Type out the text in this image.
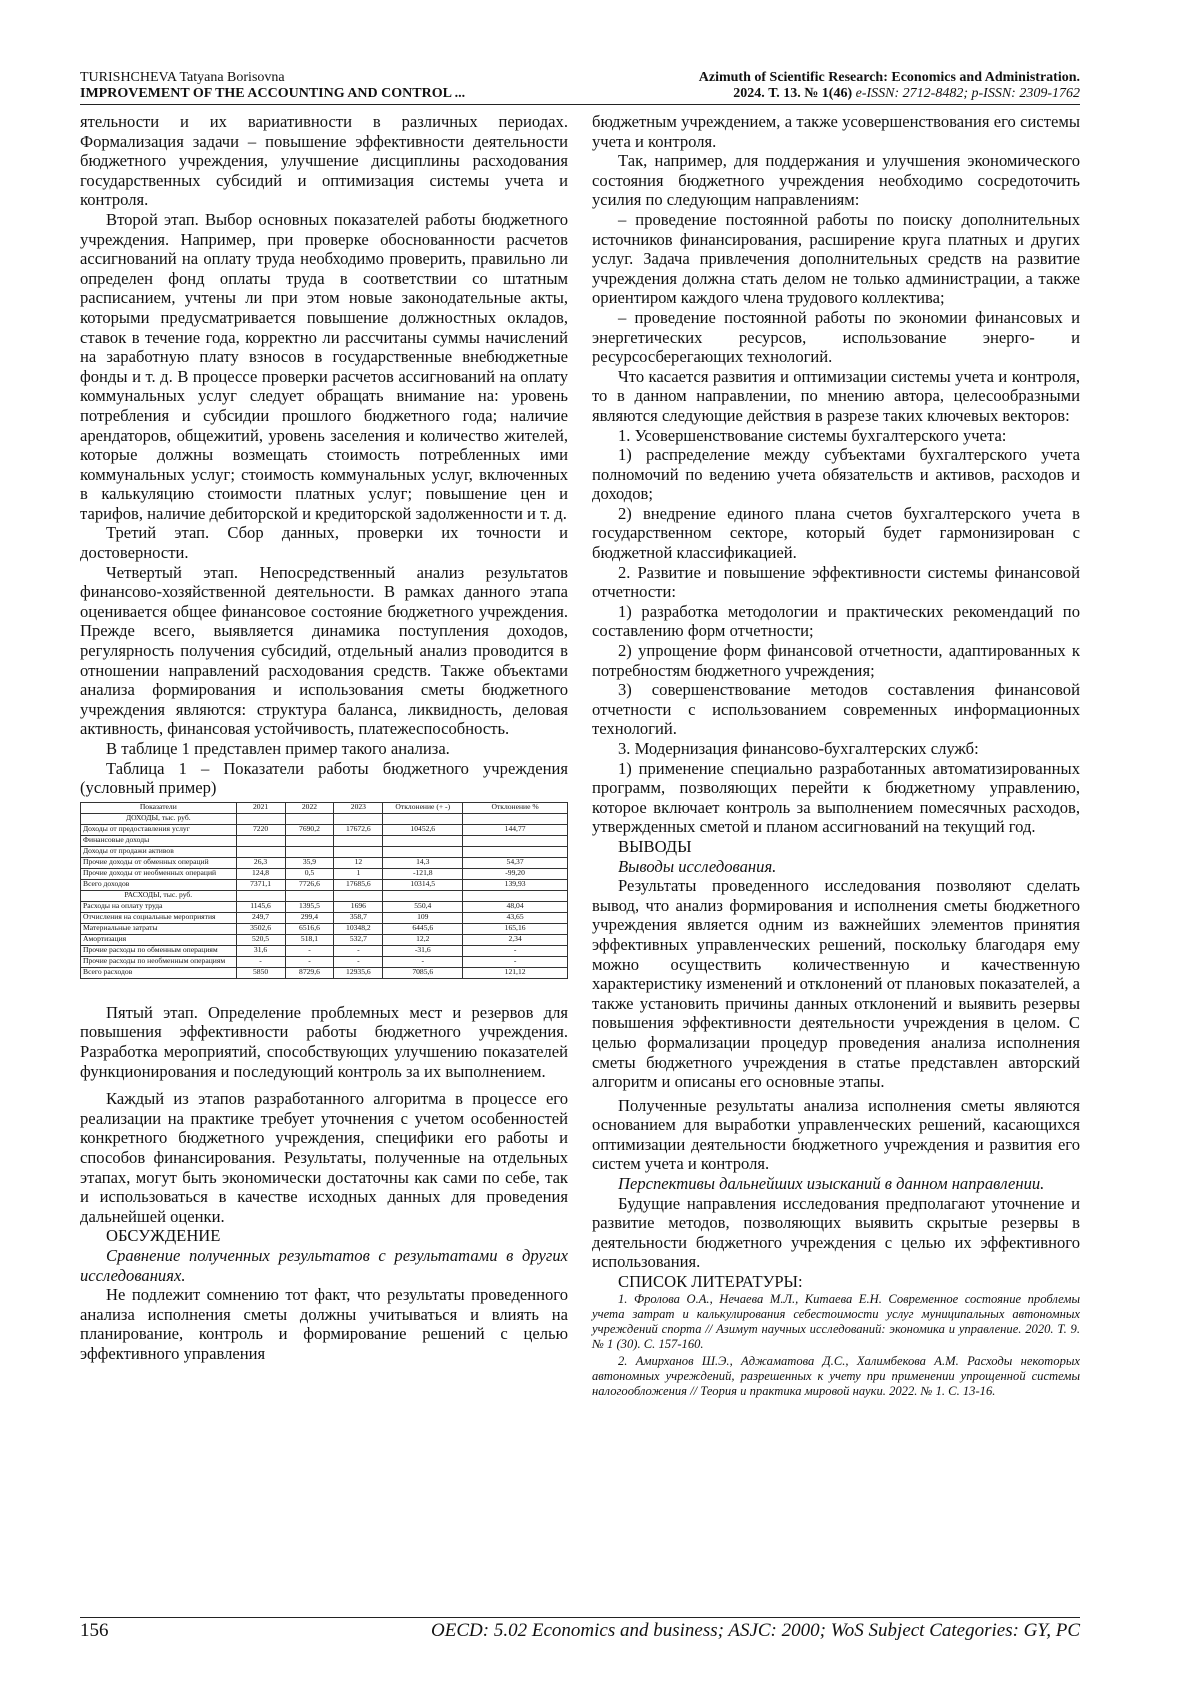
TURISHCHEVA Tatyana Borisovna
IMPROVEMENT OF THE ACCOUNTING AND CONTROL ...
Azimuth of Scientific Research: Economics and Administration.
2024. Т. 13. № 1(46) e-ISSN: 2712-8482; p-ISSN: 2309-1762

ятельности и их вариативности в различных периодах. Формализация задачи – повышение эффективности деятельности бюджетного учреждения, улучшение дисциплины расходования государственных субсидий и оптимизация системы учета и контроля.

Второй этап. Выбор основных показателей работы бюджетного учреждения. Например, при проверке обоснованности расчетов ассигнований на оплату труда необходимо проверить, правильно ли определен фонд оплаты труда в соответствии со штатным расписанием, учтены ли при этом новые законодательные акты, которыми предусматривается повышение должностных окладов, ставок в течение года, корректно ли рассчитаны суммы начислений на заработную плату взносов в государственные внебюджетные фонды и т. д. В процессе проверки расчетов ассигнований на оплату коммунальных услуг следует обращать внимание на: уровень потребления и субсидии прошлого бюджетного года; наличие арендаторов, общежитий, уровень заселения и количество жителей, которые должны возмещать стоимость потребленных ими коммунальных услуг; стоимость коммунальных услуг, включенных в калькуляцию стоимости платных услуг; повышение цен и тарифов, наличие дебиторской и кредиторской задолженности и т. д.

Третий этап. Сбор данных, проверки их точности и достоверности.

Четвертый этап. Непосредственный анализ результатов финансово-хозяйственной деятельности. В рамках данного этапа оценивается общее финансовое состояние бюджетного учреждения. Прежде всего, выявляется динамика поступления доходов, регулярность получения субсидий, отдельный анализ проводится в отношении направлений расходования средств. Также объектами анализа формирования и использования сметы бюджетного учреждения являются: структура баланса, ликвидность, деловая активность, финансовая устойчивость, платежеспособность.

В таблице 1 представлен пример такого анализа.

Таблица 1 – Показатели работы бюджетного учреждения (условный пример)

Показатели	2021	2022	2023	Отклонение (+ -)	Отклонение %
ДОХОДЫ, тыс. руб.					
Доходы от предоставления услуг	7220	7690,2	17672,6	10452,6	144,77
Финансовые доходы					
Доходы от продажи активов					
Прочие доходы от обменных операций	26,3	35,9	12	14,3	54,37
Прочие доходы от необменных операций	124,8	0,5	1	-121,8	-99,20
Всего доходов	7371,1	7726,6	17685,6	10314,5	139,93
РАСХОДЫ, тыс. руб.					
Расходы на оплату труда	1145,6	1395,5	1696	550,4	48,04
Отчисления на социальные мероприятия	249,7	299,4	358,7	109	43,65
Материальные затраты	3502,6	6516,6	10348,2	6445,6	165,16
Амортизация	520,5	518,1	532,7	12,2	2,34
Прочие расходы по обменным операциям	31,6	-	-	-31,6	-
Прочие расходы по необменным операциям	-	-	-	-	-
Всего расходов	5850	8729,6	12935,6	7085,6	121,12

Пятый этап. Определение проблемных мест и резервов для повышения эффективности работы бюджетного учреждения. Разработка мероприятий, способствующих улучшению показателей функционирования и последующий контроль за их выполнением.

Каждый из этапов разработанного алгоритма в процессе его реализации на практике требует уточнения с учетом особенностей конкретного бюджетного учреждения, специфики его работы и способов финансирования. Результаты, полученные на отдельных этапах, могут быть экономически достаточны как сами по себе, так и использоваться в качестве исходных данных для проведения дальнейшей оценки.

ОБСУЖДЕНИЕ

Сравнение полученных результатов с результатами в других исследованиях.

Не подлежит сомнению тот факт, что результаты проведенного анализа исполнения сметы должны учитываться и влиять на планирование, контроль и формирование решений с целью эффективного управления

бюджетным учреждением, а также усовершенствования его системы учета и контроля.

Так, например, для поддержания и улучшения экономического состояния бюджетного учреждения необходимо сосредоточить усилия по следующим направлениям:

– проведение постоянной работы по поиску дополнительных источников финансирования, расширение круга платных и других услуг. Задача привлечения дополнительных средств на развитие учреждения должна стать делом не только администрации, а также ориентиром каждого члена трудового коллектива;

– проведение постоянной работы по экономии финансовых и энергетических ресурсов, использование энерго- и ресурсосберегающих технологий.

Что касается развития и оптимизации системы учета и контроля, то в данном направлении, по мнению автора, целесообразными являются следующие действия в разрезе таких ключевых векторов:

1. Усовершенствование системы бухгалтерского учета:

1) распределение между субъектами бухгалтерского учета полномочий по ведению учета обязательств и активов, расходов и доходов;

2) внедрение единого плана счетов бухгалтерского учета в государственном секторе, который будет гармонизирован с бюджетной классификацией.

2. Развитие и повышение эффективности системы финансовой отчетности:

1) разработка методологии и практических рекомендаций по составлению форм отчетности;

2) упрощение форм финансовой отчетности, адаптированных к потребностям бюджетного учреждения;

3) совершенствование методов составления финансовой отчетности с использованием современных информационных технологий.

3. Модернизация финансово-бухгалтерских служб:

1) применение специально разработанных автоматизированных программ, позволяющих перейти к бюджетному управлению, которое включает контроль за выполнением помесячных расходов, утвержденных сметой и планом ассигнований на текущий год.

ВЫВОДЫ

Выводы исследования.

Результаты проведенного исследования позволяют сделать вывод, что анализ формирования и исполнения сметы бюджетного учреждения является одним из важнейших элементов принятия эффективных управленческих решений, поскольку благодаря ему можно осуществить количественную и качественную характеристику изменений и отклонений от плановых показателей, а также установить причины данных отклонений и выявить резервы повышения эффективности деятельности учреждения в целом. С целью формализации процедур проведения анализа исполнения сметы бюджетного учреждения в статье представлен авторский алгоритм и описаны его основные этапы.

Полученные результаты анализа исполнения сметы являются основанием для выработки управленческих решений, касающихся оптимизации деятельности бюджетного учреждения и развития его систем учета и контроля.

Перспективы дальнейших изысканий в данном направлении.

Будущие направления исследования предполагают уточнение и развитие методов, позволяющих выявить скрытые резервы в деятельности бюджетного учреждения с целью их эффективного использования.

СПИСОК ЛИТЕРАТУРЫ:

1. Фролова О.А., Нечаева М.Л., Китаева Е.Н. Современное состояние проблемы учета затрат и калькулирования себестоимости услуг муниципальных автономных учреждений спорта // Азимут научных исследований: экономика и управление. 2020. Т. 9. № 1 (30). С. 157-160.

2. Амирханов Ш.Э., Аджаматова Д.С., Халимбекова А.М. Расходы некоторых автономных учреждений, разрешенных к учету при применении упрощенной системы налогообложения // Теория и практика мировой науки. 2022. № 1. С. 13-16.

156	OECD: 5.02 Economics and business; ASJC: 2000; WoS Subject Categories: GY, PC
